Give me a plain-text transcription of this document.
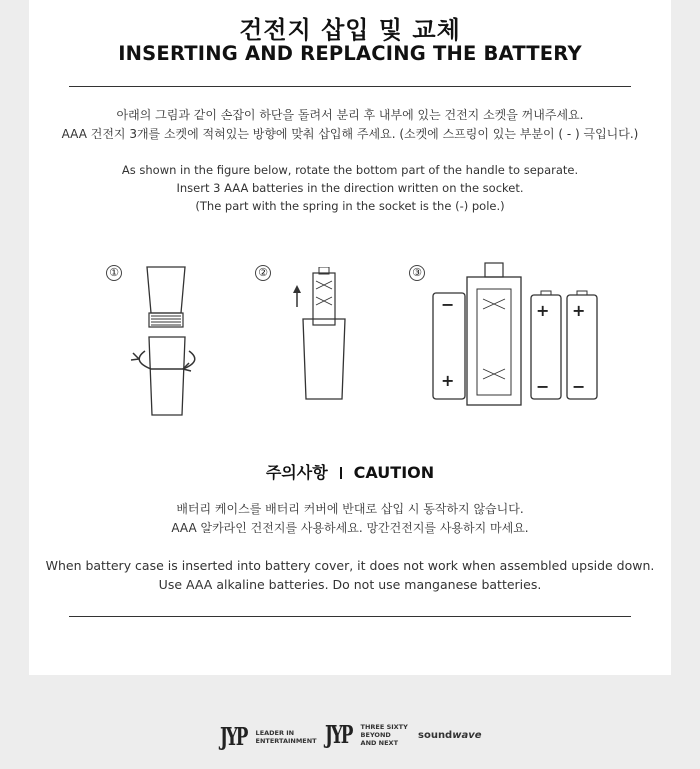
건전지 삽입 및 교체
INSERTING AND REPLACING THE BATTERY
아래의 그림과 같이 손잡이 하단을 돌려서 분리 후 내부에 있는 건전지 소켓을 꺼내주세요.
AAA 건전지 3개를 소켓에 적혀있는 방향에 맞춰 삽입해 주세요. (소켓에 스프링이 있는 부분이 ( - ) 극입니다.)
As shown in the figure below, rotate the bottom part of the handle to separate.
Insert 3 AAA batteries in the direction written on the socket.
(The part with the spring in the socket is the (-) pole.)
①	②	③
−
+
+
−
+
−
주의사항 CAUTION
배터리 케이스를 배터리 커버에 반대로 삽입 시 동작하지 않습니다.
AAA 알카라인 건전지를 사용하세요. 망간건전지를 사용하지 마세요.
When battery case is inserted into battery cover, it does not work when assembled upside down.
Use AAA alkaline batteries. Do not use manganese batteries.
JYP LEADER IN
ENTERTAINMENT JYP THREE SIXTY
BEYOND
AND NEXT
sound wave
